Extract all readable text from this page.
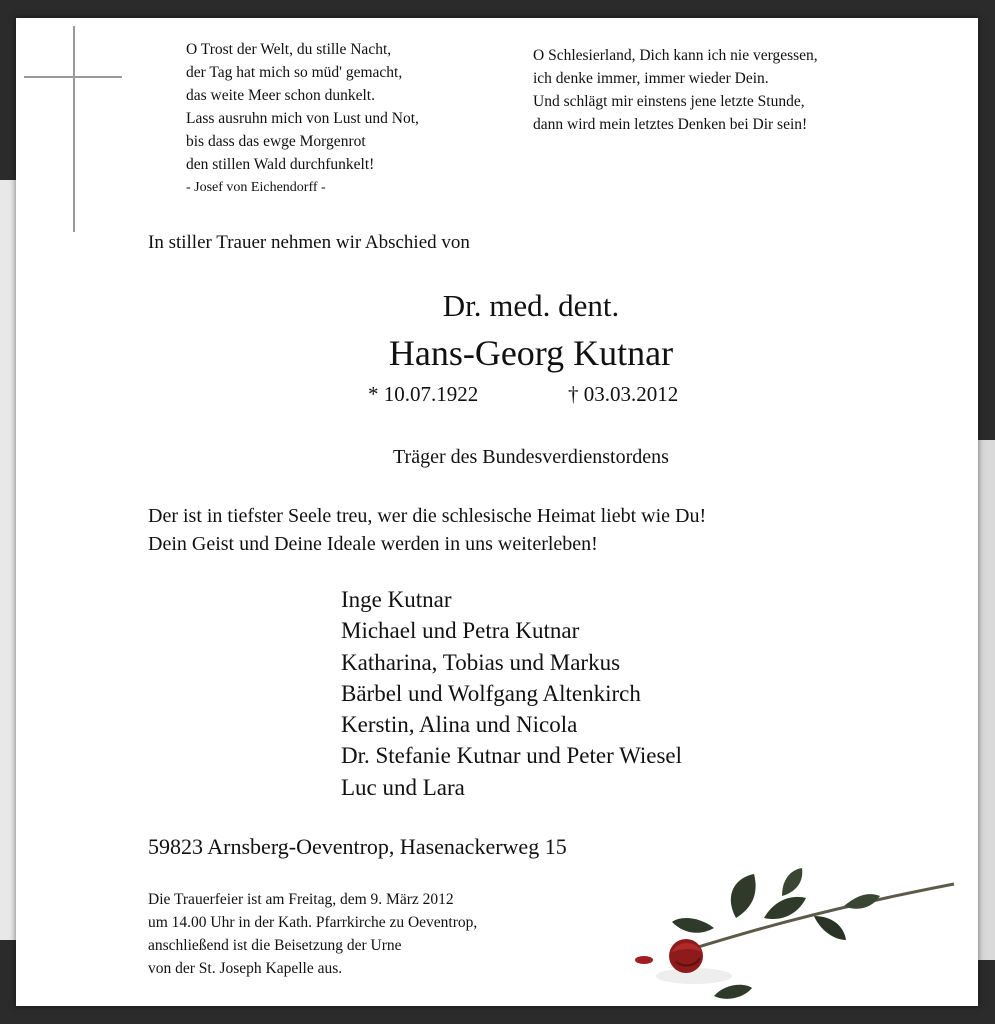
O Trost der Welt, du stille Nacht,
der Tag hat mich so müd' gemacht,
das weite Meer schon dunkelt.
Lass ausruhn mich von Lust und Not,
bis dass das ewge Morgenrot
den stillen Wald durchfunkelt!
- Josef von Eichendorff -
O Schlesierland, Dich kann ich nie vergessen,
ich denke immer, immer wieder Dein.
Und schlägt mir einstens jene letzte Stunde,
dann wird mein letztes Denken bei Dir sein!
In stiller Trauer nehmen wir Abschied von
Dr. med. dent.
Hans-Georg Kutnar
* 10.07.1922	† 03.03.2012
Träger des Bundesverdienstordens
Der ist in tiefster Seele treu, wer die schlesische Heimat liebt wie Du!
Dein Geist und Deine Ideale werden in uns weiterleben!
Inge Kutnar
Michael und Petra Kutnar
Katharina, Tobias und Markus
Bärbel und Wolfgang Altenkirch
Kerstin, Alina und Nicola
Dr. Stefanie Kutnar und Peter Wiesel
Luc und Lara
59823 Arnsberg-Oeventrop, Hasenackerweg 15
Die Trauerfeier ist am Freitag, dem 9. März 2012
um 14.00 Uhr in der Kath. Pfarrkirche zu Oeventrop,
anschließend ist die Beisetzung der Urne
von der St. Joseph Kapelle aus.
